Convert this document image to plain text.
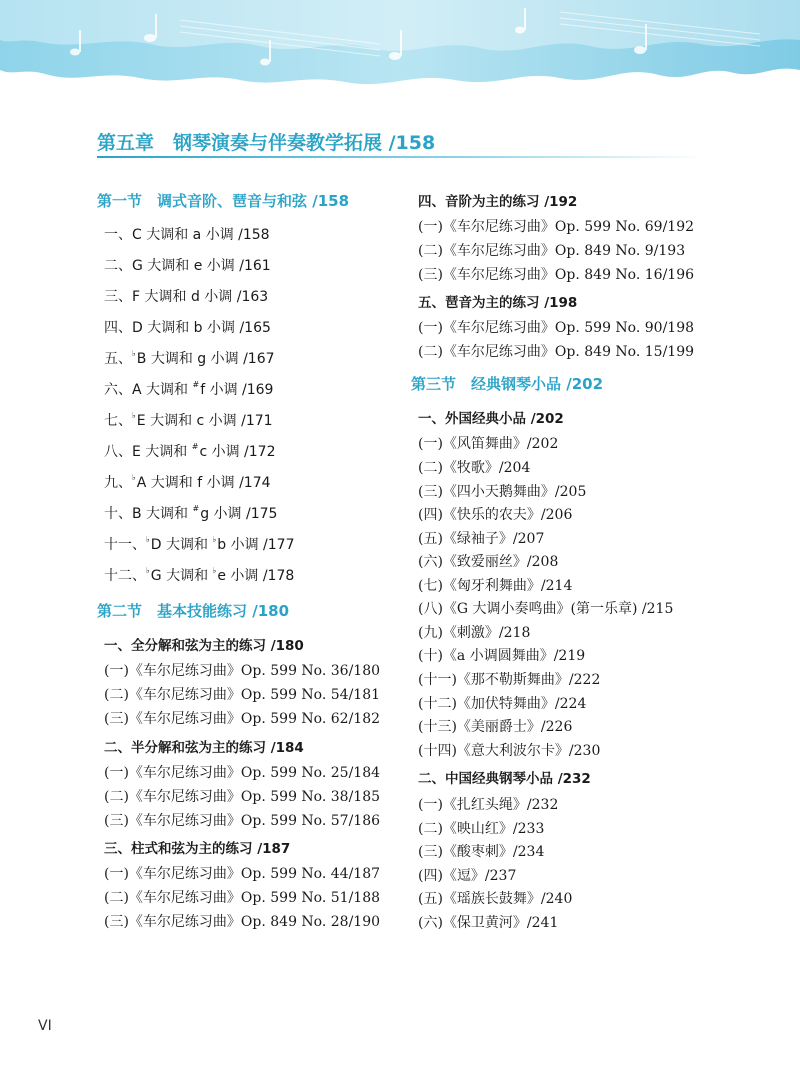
第五章　钢琴演奏与伴奏教学拓展 /158
第一节　调式音阶、琶音与和弦 /158
一、C 大调和 a 小调 /158
二、G 大调和 e 小调 /161
三、F 大调和 d 小调 /163
四、D 大调和 b 小调 /165
五、♭B 大调和 g 小调 /167
六、A 大调和 #f 小调 /169
七、♭E 大调和 c 小调 /171
八、E 大调和 #c 小调 /172
九、♭A 大调和 f 小调 /174
十、B 大调和 #g 小调 /175
十一、♭D 大调和 ♭b 小调 /177
十二、♭G 大调和 ♭e 小调 /178
第二节　基本技能练习 /180
一、全分解和弦为主的练习 /180
(一)《车尔尼练习曲》Op. 599 No. 36/180
(二)《车尔尼练习曲》Op. 599 No. 54/181
(三)《车尔尼练习曲》Op. 599 No. 62/182
二、半分解和弦为主的练习 /184
(一)《车尔尼练习曲》Op. 599 No. 25/184
(二)《车尔尼练习曲》Op. 599 No. 38/185
(三)《车尔尼练习曲》Op. 599 No. 57/186
三、柱式和弦为主的练习 /187
(一)《车尔尼练习曲》Op. 599 No. 44/187
(二)《车尔尼练习曲》Op. 599 No. 51/188
(三)《车尔尼练习曲》Op. 849 No. 28/190
四、音阶为主的练习 /192
(一)《车尔尼练习曲》Op. 599 No. 69/192
(二)《车尔尼练习曲》Op. 849 No. 9/193
(三)《车尔尼练习曲》Op. 849 No. 16/196
五、琶音为主的练习 /198
(一)《车尔尼练习曲》Op. 599 No. 90/198
(二)《车尔尼练习曲》Op. 849 No. 15/199
第三节　经典钢琴小品 /202
一、外国经典小品 /202
(一)《风笛舞曲》/202
(二)《牧歌》/204
(三)《四小天鹅舞曲》/205
(四)《快乐的农夫》/206
(五)《绿袖子》/207
(六)《致爱丽丝》/208
(七)《匈牙利舞曲》/214
(八)《G 大调小奏鸣曲》(第一乐章) /215
(九)《刺激》/218
(十)《a 小调圆舞曲》/219
(十一)《那不勒斯舞曲》/222
(十二)《加伏特舞曲》/224
(十三)《美丽爵士》/226
(十四)《意大利波尔卡》/230
二、中国经典钢琴小品 /232
(一)《扎红头绳》/232
(二)《映山红》/233
(三)《酸枣刺》/234
(四)《逗》/237
(五)《瑶族长鼓舞》/240
(六)《保卫黄河》/241
VI
